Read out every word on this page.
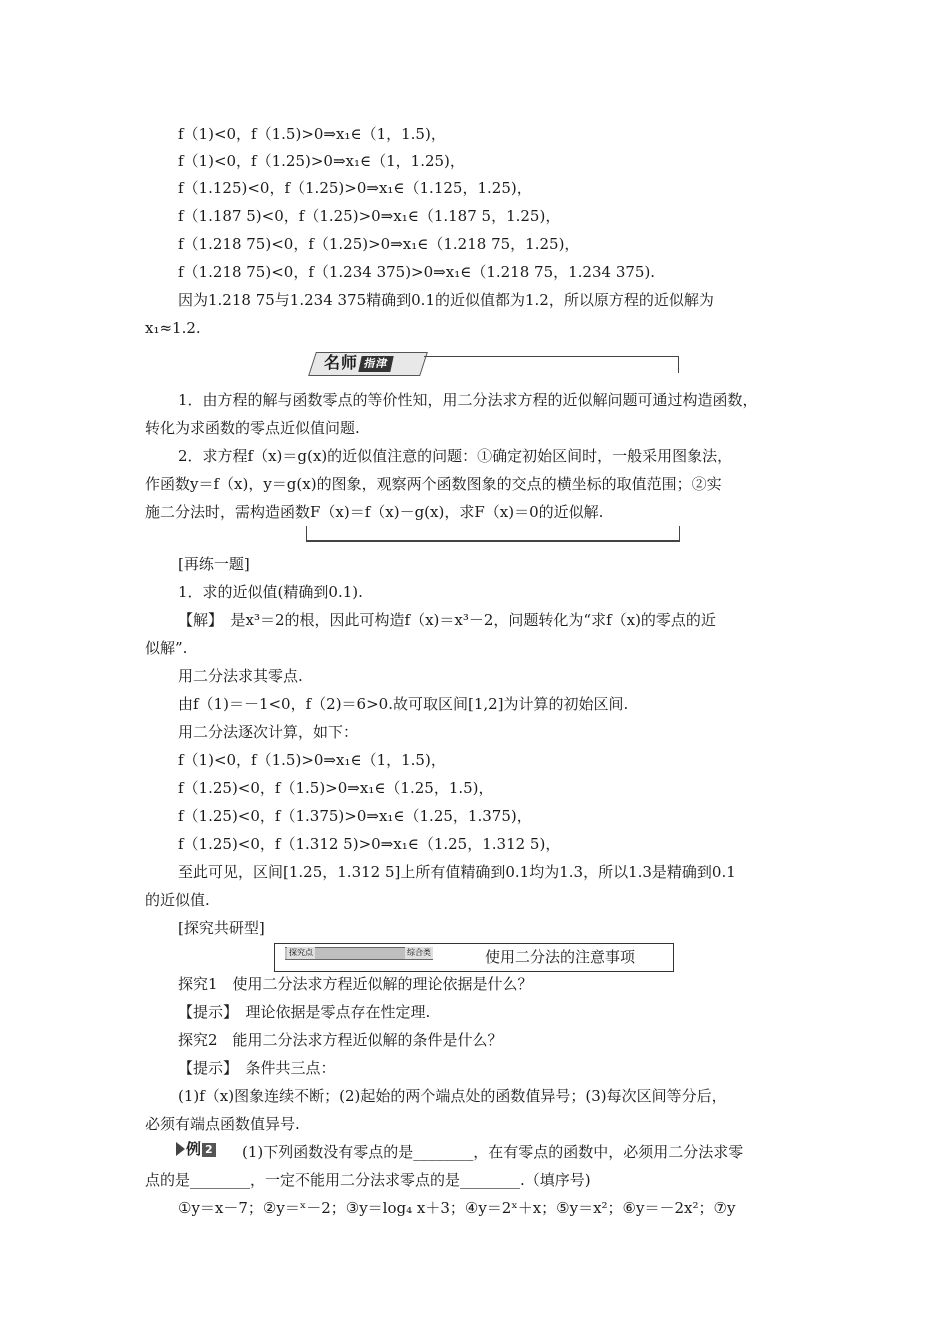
f（1)<0，f（1.5)>0⇒x₁∈（1，1.5)，
f（1)<0，f（1.25)>0⇒x₁∈（1，1.25)，
f（1.125)<0，f（1.25)>0⇒x₁∈（1.125，1.25)，
f（1.187 5)<0，f（1.25)>0⇒x₁∈（1.187 5，1.25)，
f（1.218 75)<0，f（1.25)>0⇒x₁∈（1.218 75，1.25)，
f（1.218 75)<0，f（1.234 375)>0⇒x₁∈（1.218 75，1.234 375).
因为1.218 75与1.234 375精确到0.1的近似值都为1.2，所以原方程的近似解为
x₁≈1.2.
名师 指津
1．由方程的解与函数零点的等价性知，用二分法求方程的近似解问题可通过构造函数，
转化为求函数的零点近似值问题.
2．求方程f（x)＝g(x)的近似值注意的问题：①确定初始区间时，一般采用图象法，
作函数y＝f（x)，y＝g(x)的图象，观察两个函数图象的交点的横坐标的取值范围；②实
施二分法时，需构造函数F（x)＝f（x)－g(x)，求F（x)＝0的近似解.
[再练一题]
1．求的近似值(精确到0.1).
【解】　是x³＝2的根，因此可构造f（x)＝x³－2，问题转化为“求f（x)的零点的近
似解”.
用二分法求其零点.
由f（1)＝－1<0，f（2)＝6>0.故可取区间[1,2]为计算的初始区间.
用二分法逐次计算，如下：
f（1)<0，f（1.5)>0⇒x₁∈（1，1.5)，
f（1.25)<0，f（1.5)>0⇒x₁∈（1.25，1.5)，
f（1.25)<0，f（1.375)>0⇒x₁∈（1.25，1.375)，
f（1.25)<0，f（1.312 5)>0⇒x₁∈（1.25，1.312 5)，
至此可见，区间[1.25，1.312 5]上所有值精确到0.1均为1.3，所以1.3是精确到0.1
的近似值.
[探究共研型]
探究点	综合类	使用二分法的注意事项
探究1　使用二分法求方程近似解的理论依据是什么？
【提示】　理论依据是零点存在性定理.
探究2　能用二分法求方程近似解的条件是什么？
【提示】　条件共三点：
(1)f（x)图象连续不断；(2)起始的两个端点处的函数值异号；(3)每次区间等分后，
必须有端点函数值异号.
例 2 (1)下列函数没有零点的是________，在有零点的函数中，必须用二分法求零
点的是________，一定不能用二分法求零点的是________.（填序号)
①y＝x－7；②y＝ˣ－2；③y＝log₄ x＋3；④y＝2ˣ＋x；⑤y＝x²；⑥y＝－2x²；⑦y
